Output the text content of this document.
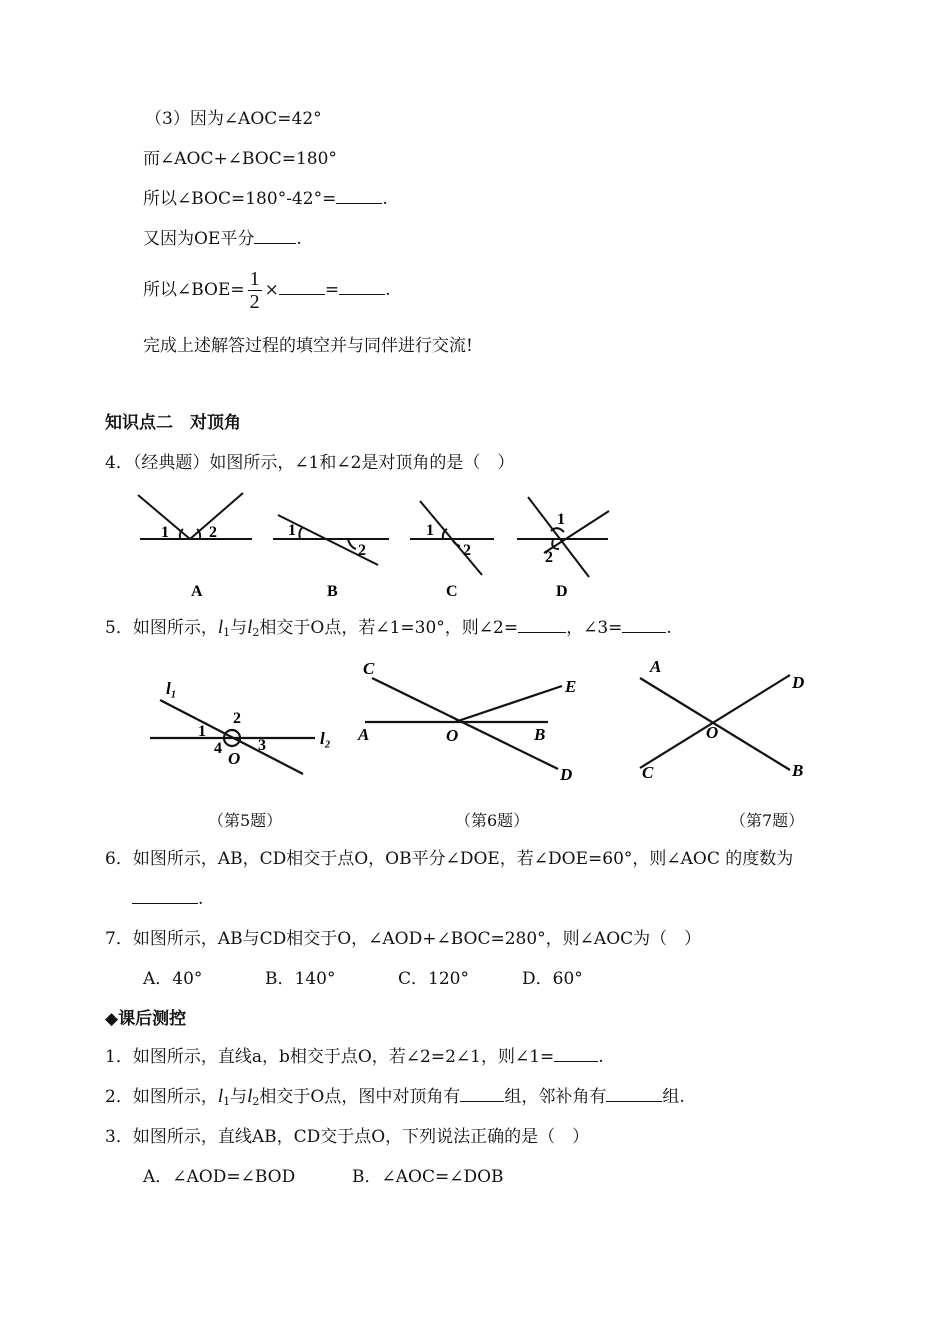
（3）因为∠AOC=42°
而∠AOC+∠BOC=180°
所以∠BOC=180°-42°=	.
又因为OE平分 .
所以∠BOE= $\frac{1}{2}$ ×	=	.
完成上述解答过程的填空并与同伴进行交流!
知识点二　对顶角
4．（经典题）如图所示，∠1和∠2是对顶角的是（　）
1	2
A
1
2
B
1
2
C
1
2
D
5．如图所示，$l_1$与$l_2$相交于O点，若∠1=30°，则∠2=	，∠3=	.
l₁
l₂
1
2
3
4
O
C
E
A	O	B
D
A
D
O
C	B
（第5题）	（第6题）	（第7题）
6．如图所示，AB，CD相交于点O，OB平分∠DOE，若∠DOE=60°，则∠AOC 的度数为
.
7．如图所示，AB与CD相交于O，∠AOD+∠BOC=280°，则∠AOC为（　）
A．40°	B．140°	C．120°	D．60°
◆课后测控
1．如图所示，直线a，b相交于点O，若∠2=2∠1，则∠1=	.
2．如图所示，$l_1$与$l_2$相交于O点，图中对顶角有	组，邻补角有	组.
3．如图所示，直线AB，CD交于点O，下列说法正确的是（　）
A．∠AOD=∠BOD	B．∠AOC=∠DOB
